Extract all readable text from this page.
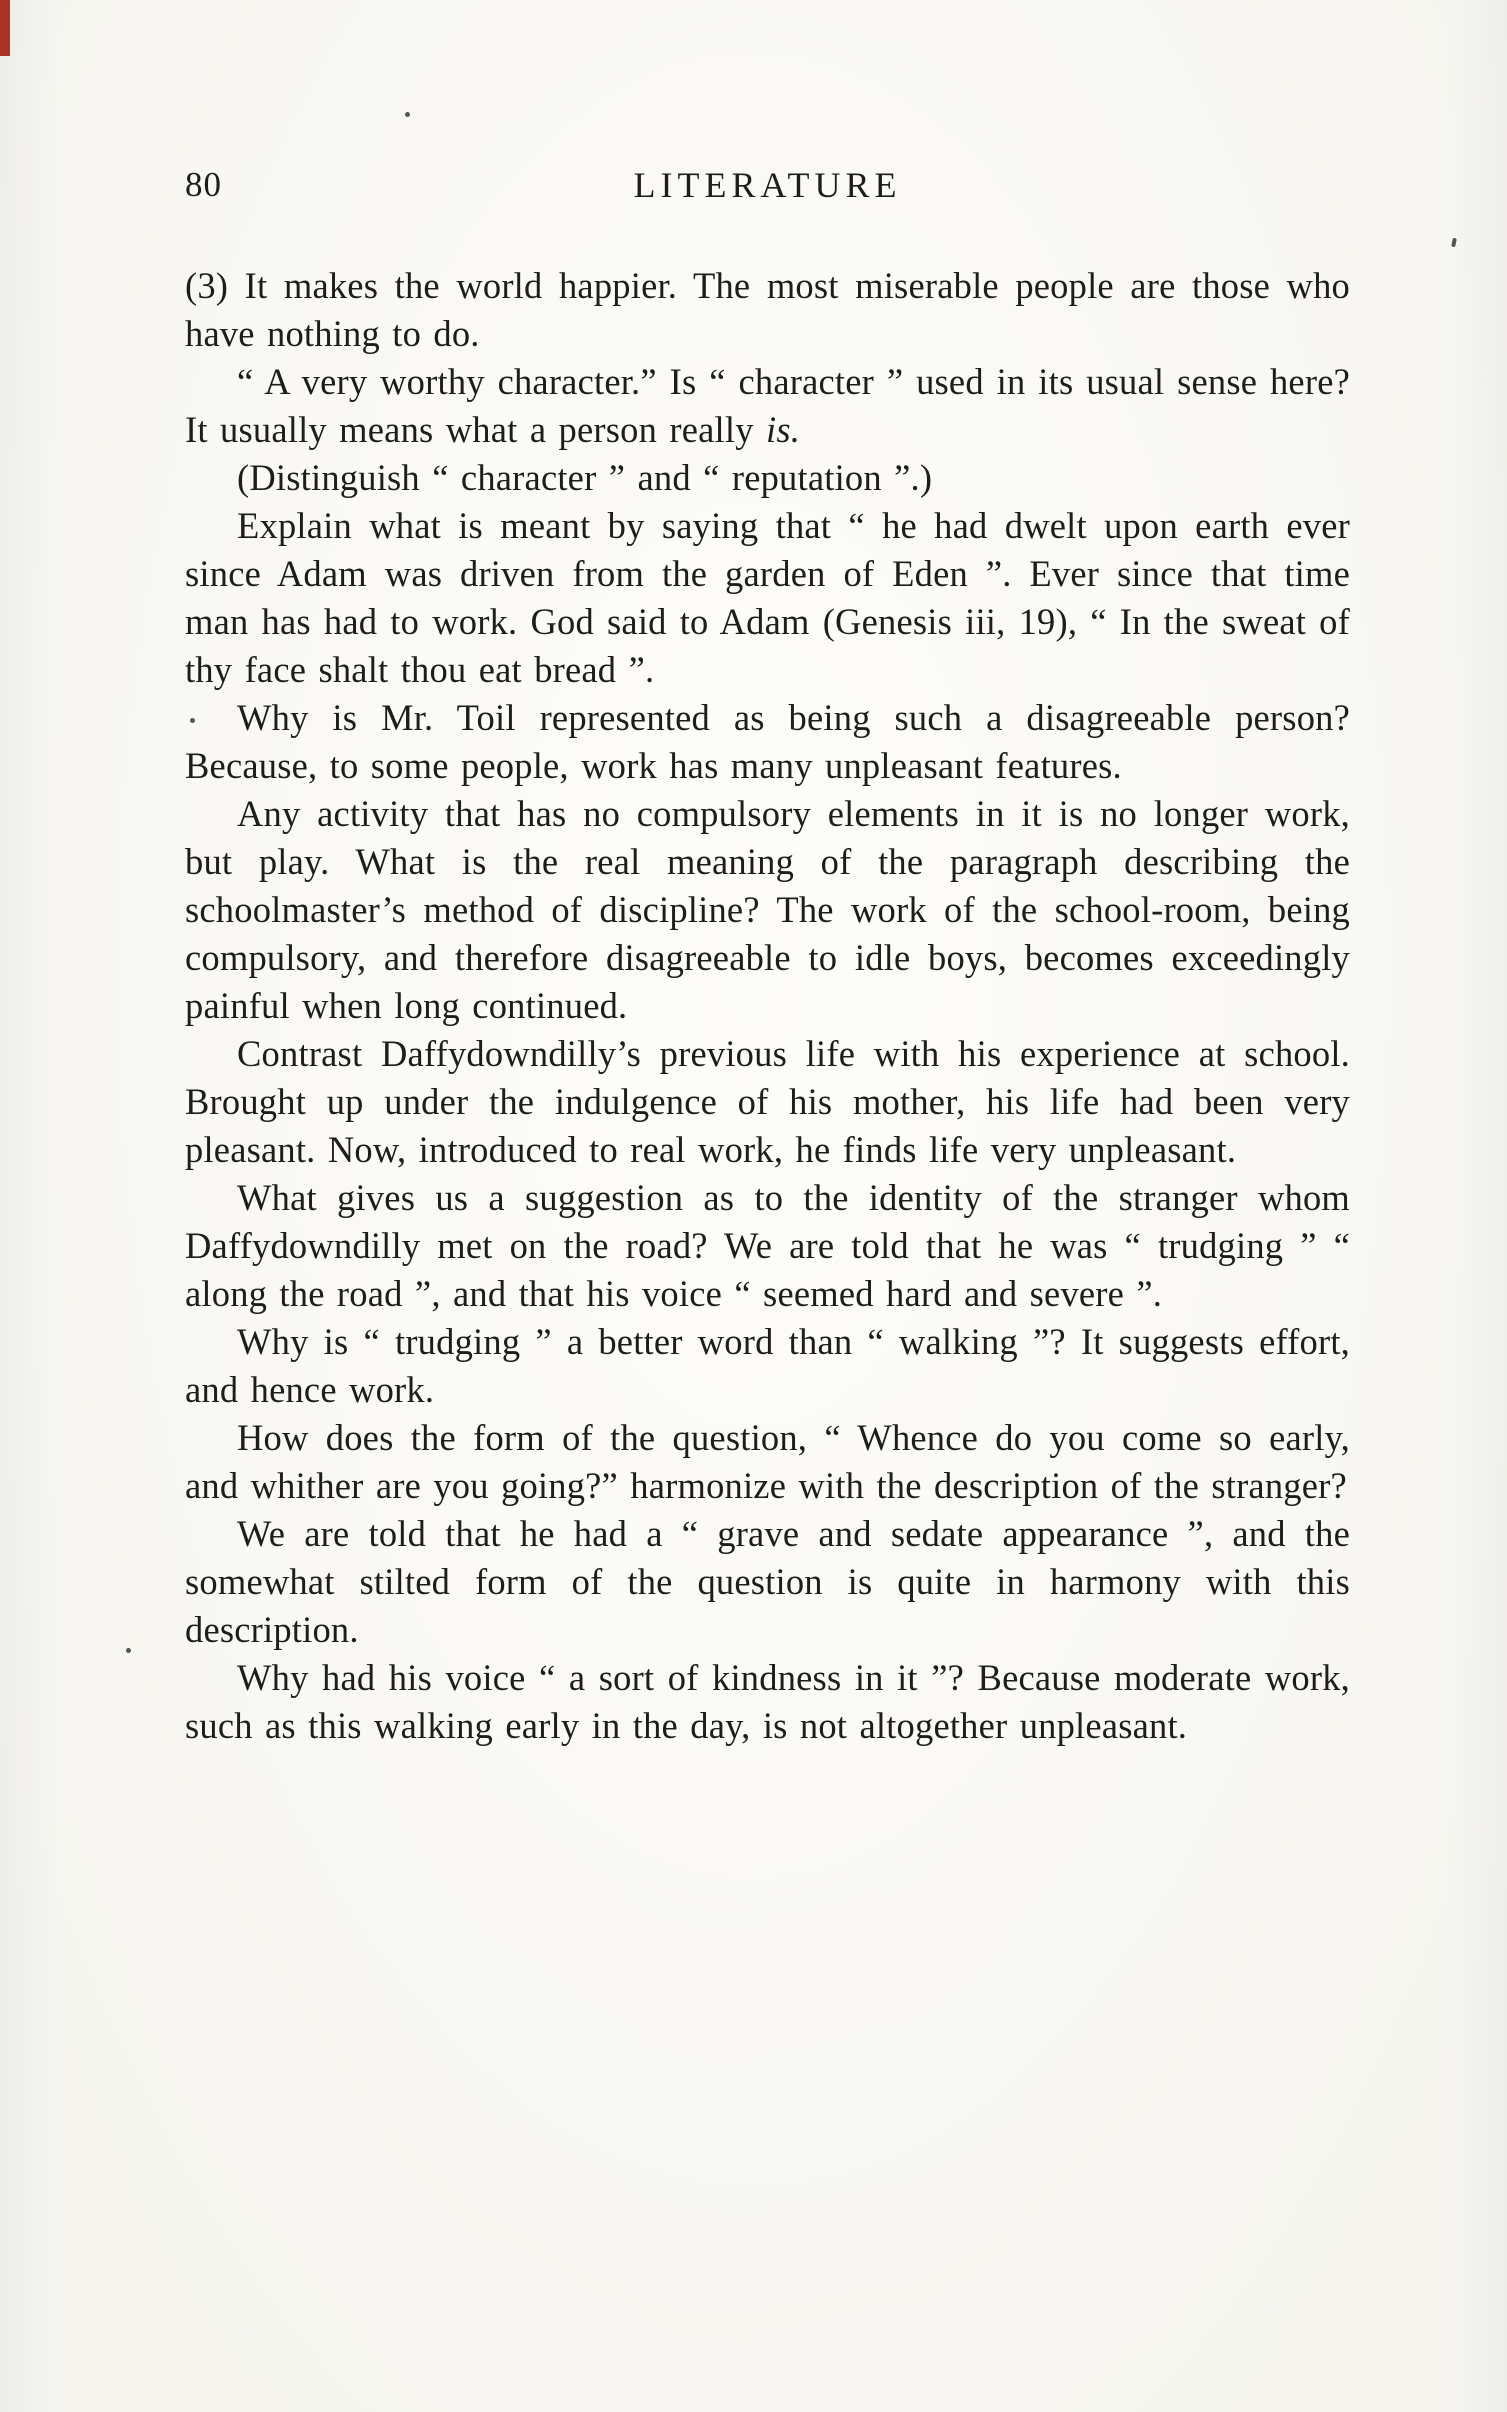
80	LITERATURE

(3) It makes the world happier. The most miserable people are those who have nothing to do.

“ A very worthy character.” Is “ character ” used in its usual sense here? It usually means what a person really is.

(Distinguish “ character ” and “ reputation ”.)

Explain what is meant by saying that “ he had dwelt upon earth ever since Adam was driven from the garden of Eden ”. Ever since that time man has had to work. God said to Adam (Genesis iii, 19), “ In the sweat of thy face shalt thou eat bread ”.

Why is Mr. Toil represented as being such a disagreeable person? Because, to some people, work has many unpleasant features.

Any activity that has no compulsory elements in it is no longer work, but play. What is the real meaning of the paragraph describing the schoolmaster’s method of discipline? The work of the school-room, being compulsory, and therefore disagreeable to idle boys, becomes exceedingly painful when long continued.

Contrast Daffydowndilly’s previous life with his experience at school. Brought up under the indulgence of his mother, his life had been very pleasant. Now, introduced to real work, he finds life very unpleasant.

What gives us a suggestion as to the identity of the stranger whom Daffydowndilly met on the road? We are told that he was “ trudging ” “ along the road ”, and that his voice “ seemed hard and severe ”.

Why is “ trudging ” a better word than “ walking ”? It suggests effort, and hence work.

How does the form of the question, “ Whence do you come so early, and whither are you going?” harmonize with the description of the stranger?

We are told that he had a “ grave and sedate appearance ”, and the somewhat stilted form of the question is quite in harmony with this description.

Why had his voice “ a sort of kindness in it ”? Because moderate work, such as this walking early in the day, is not altogether unpleasant.
